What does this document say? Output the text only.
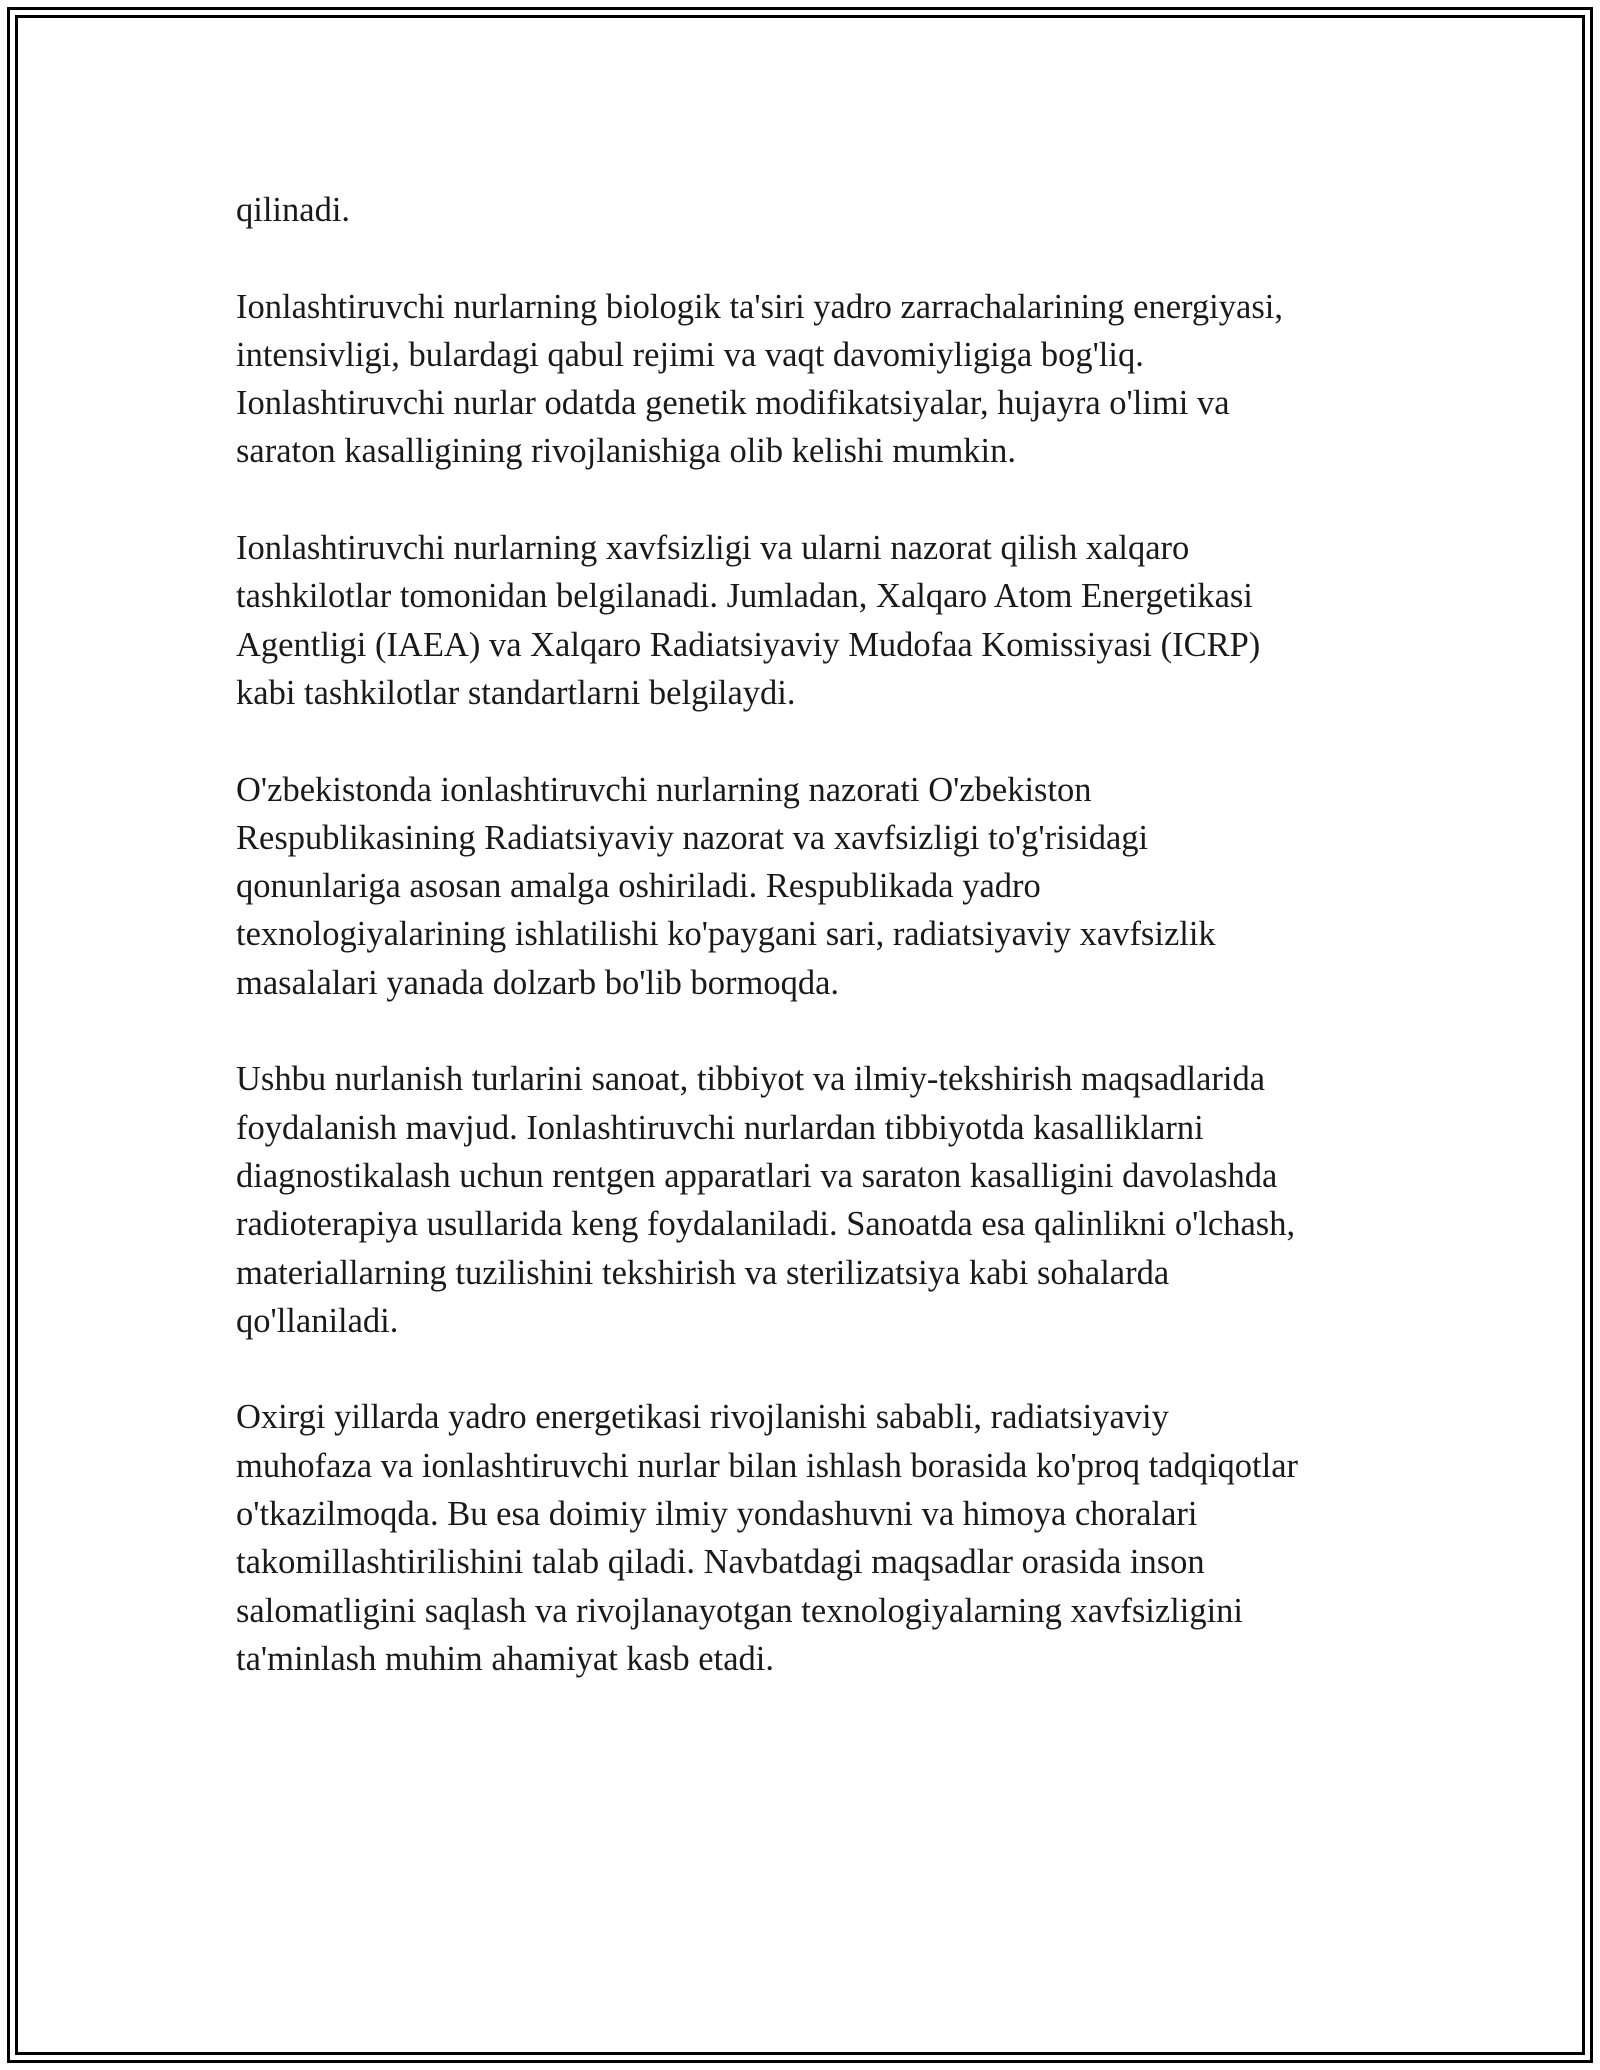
qilinadi.

Ionlashtiruvchi nurlarning biologik ta'siri yadro zarrachalarining energiyasi,
intensivligi, bulardagi qabul rejimi va vaqt davomiyligiga bog'liq.
Ionlashtiruvchi nurlar odatda genetik modifikatsiyalar, hujayra o'limi va
saraton kasalligining rivojlanishiga olib kelishi mumkin.

Ionlashtiruvchi nurlarning xavfsizligi va ularni nazorat qilish xalqaro
tashkilotlar tomonidan belgilanadi. Jumladan, Xalqaro Atom Energetikasi
Agentligi (IAEA) va Xalqaro Radiatsiyaviy Mudofaa Komissiyasi (ICRP)
kabi tashkilotlar standartlarni belgilaydi.

O'zbekistonda ionlashtiruvchi nurlarning nazorati O'zbekiston
Respublikasining Radiatsiyaviy nazorat va xavfsizligi to'g'risidagi
qonunlariga asosan amalga oshiriladi. Respublikada yadro
texnologiyalarining ishlatilishi ko'paygani sari, radiatsiyaviy xavfsizlik
masalalari yanada dolzarb bo'lib bormoqda.

Ushbu nurlanish turlarini sanoat, tibbiyot va ilmiy-tekshirish maqsadlarida
foydalanish mavjud. Ionlashtiruvchi nurlardan tibbiyotda kasalliklarni
diagnostikalash uchun rentgen apparatlari va saraton kasalligini davolashda
radioterapiya usullarida keng foydalaniladi. Sanoatda esa qalinlikni o'lchash,
materiallarning tuzilishini tekshirish va sterilizatsiya kabi sohalarda
qo'llaniladi.

Oxirgi yillarda yadro energetikasi rivojlanishi sababli, radiatsiyaviy
muhofaza va ionlashtiruvchi nurlar bilan ishlash borasida ko'proq tadqiqotlar
o'tkazilmoqda. Bu esa doimiy ilmiy yondashuvni va himoya choralari
takomillashtirilishini talab qiladi. Navbatdagi maqsadlar orasida inson
salomatligini saqlash va rivojlanayotgan texnologiyalarning xavfsizligini
ta'minlash muhim ahamiyat kasb etadi.
